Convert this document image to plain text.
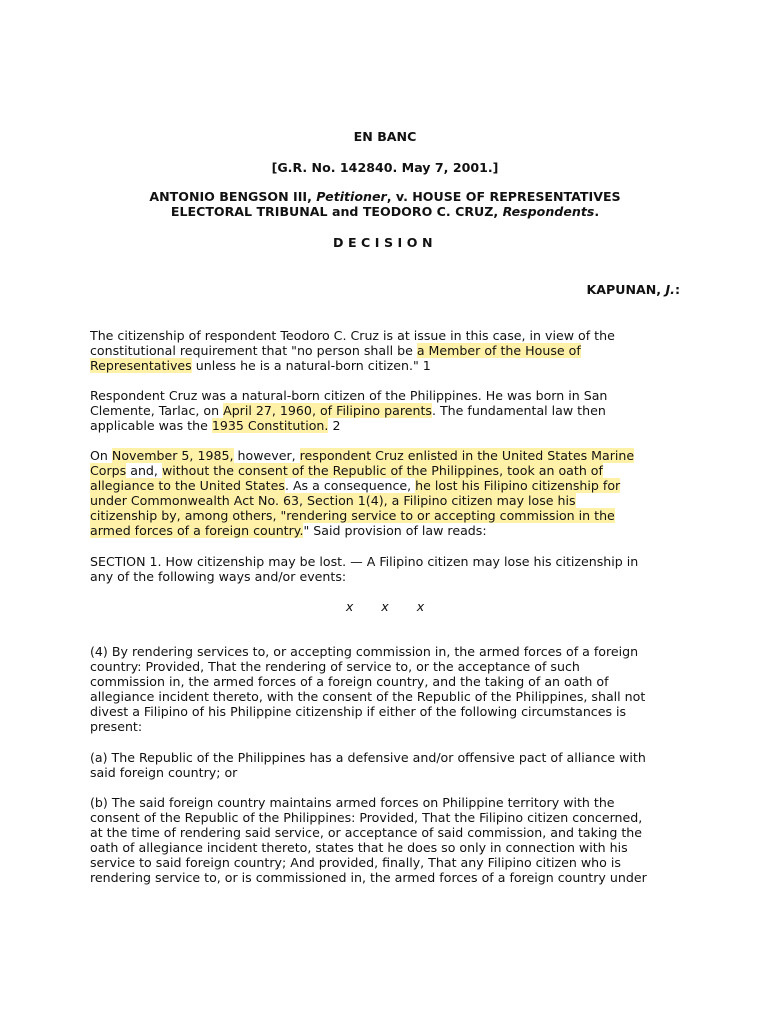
EN BANC
[G.R. No. 142840. May 7, 2001.]
ANTONIO BENGSON III, Petitioner, v. HOUSE OF REPRESENTATIVES
ELECTORAL TRIBUNAL and TEODORO C. CRUZ, Respondents.
DECISION
KAPUNAN, J.:
The citizenship of respondent Teodoro C. Cruz is at issue in this case, in view of the
constitutional requirement that "no person shall be a Member of the House of
Representatives unless he is a natural-born citizen." 1
Respondent Cruz was a natural-born citizen of the Philippines. He was born in San
Clemente, Tarlac, on April 27, 1960, of Filipino parents. The fundamental law then
applicable was the 1935 Constitution. 2
On November 5, 1985, however, respondent Cruz enlisted in the United States Marine
Corps and, without the consent of the Republic of the Philippines, took an oath of
allegiance to the United States. As a consequence, he lost his Filipino citizenship for
under Commonwealth Act No. 63, Section 1(4), a Filipino citizen may lose his
citizenship by, among others, "rendering service to or accepting commission in the
armed forces of a foreign country." Said provision of law reads:
SECTION 1. How citizenship may be lost. — A Filipino citizen may lose his citizenship in
any of the following ways and/or events:
x x x
(4) By rendering services to, or accepting commission in, the armed forces of a foreign
country: Provided, That the rendering of service to, or the acceptance of such
commission in, the armed forces of a foreign country, and the taking of an oath of
allegiance incident thereto, with the consent of the Republic of the Philippines, shall not
divest a Filipino of his Philippine citizenship if either of the following circumstances is
present:
(a) The Republic of the Philippines has a defensive and/or offensive pact of alliance with
said foreign country; or
(b) The said foreign country maintains armed forces on Philippine territory with the
consent of the Republic of the Philippines: Provided, That the Filipino citizen concerned,
at the time of rendering said service, or acceptance of said commission, and taking the
oath of allegiance incident thereto, states that he does so only in connection with his
service to said foreign country; And provided, finally, That any Filipino citizen who is
rendering service to, or is commissioned in, the armed forces of a foreign country under
